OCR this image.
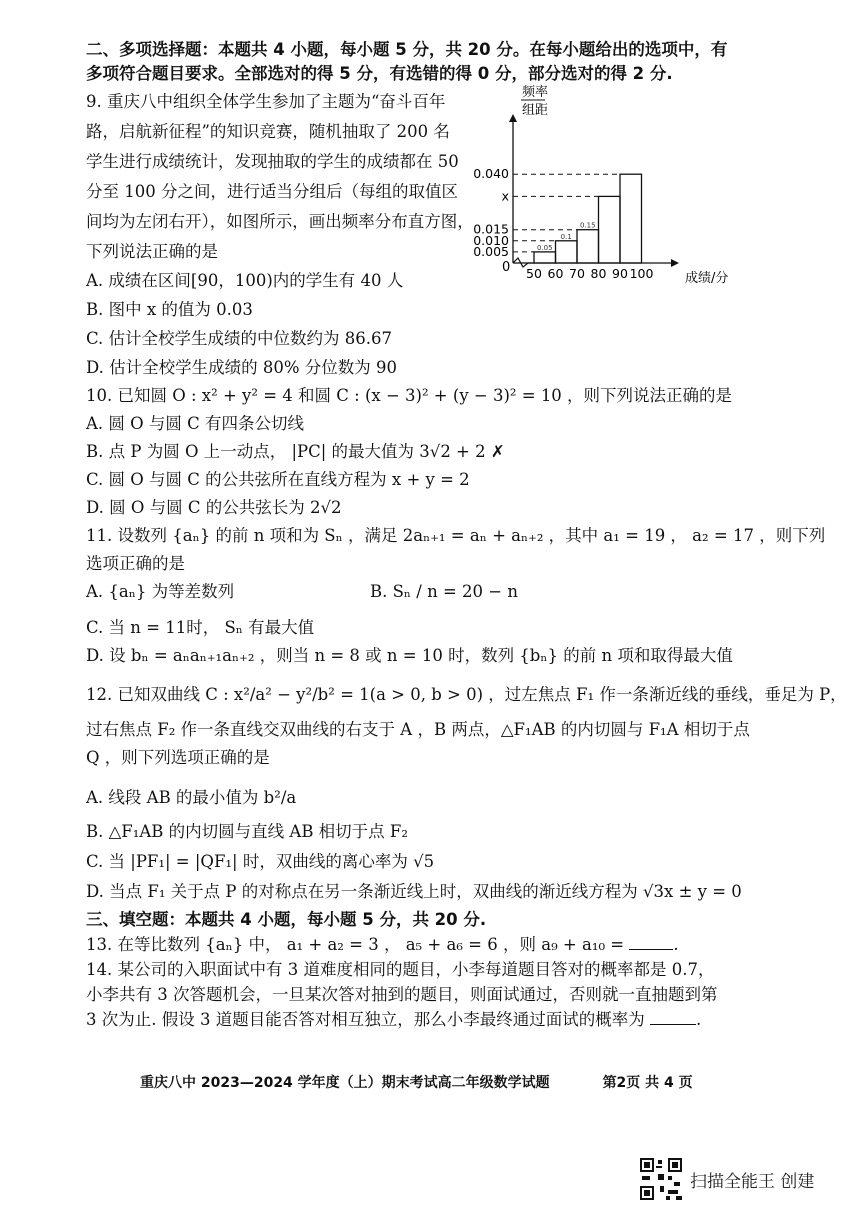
二、多项选择题：本题共 4 小题，每小题 5 分，共 20 分。在每小题给出的选项中，有
多项符合题目要求。全部选对的得 5 分，有选错的得 0 分，部分选对的得 2 分.
9. 重庆八中组织全体学生参加了主题为“奋斗百年
路，启航新征程”的知识竞赛，随机抽取了 200 名
学生进行成绩统计，发现抽取的学生的成绩都在 50
分至 100 分之间，进行适当分组后（每组的取值区
间均为左闭右开），如图所示，画出频率分布直方图，
下列说法正确的是
频率
组距
成绩/分
0
0.005
0.010
0.015
x
0.040
50 60 70 80 90 100
0.05
0.1
0.15
A. 成绩在区间[90，100)内的学生有 40 人
B. 图中 x 的值为 0.03
C. 估计全校学生成绩的中位数约为 86.67
D. 估计全校学生成绩的 80% 分位数为 90
10. 已知圆 O : x² + y² = 4 和圆 C : (x − 3)² + (y − 3)² = 10 ，则下列说法正确的是
A. 圆 O 与圆 C 有四条公切线
B. 点 P 为圆 O 上一动点， |PC| 的最大值为 3√2 + 2 ✗
C. 圆 O 与圆 C 的公共弦所在直线方程为 x + y = 2
D. 圆 O 与圆 C 的公共弦长为 2√2
11. 设数列 {aₙ} 的前 n 项和为 Sₙ ，满足 2aₙ₊₁ = aₙ + aₙ₊₂ ，其中 a₁ = 19 ， a₂ = 17 ，则下列
选项正确的是
A. {aₙ} 为等差数列	B. Sₙ / n = 20 − n
C. 当 n = 11时， Sₙ 有最大值
D. 设 bₙ = aₙaₙ₊₁aₙ₊₂ ，则当 n = 8 或 n = 10 时，数列 {bₙ} 的前 n 项和取得最大值
12. 已知双曲线 C : x²/a² − y²/b² = 1(a > 0, b > 0) ，过左焦点 F₁ 作一条渐近线的垂线，垂足为 P，
过右焦点 F₂ 作一条直线交双曲线的右支于 A ，B 两点，△F₁AB 的内切圆与 F₁A 相切于点
Q ，则下列选项正确的是
A. 线段 AB 的最小值为 b²/a
B. △F₁AB 的内切圆与直线 AB 相切于点 F₂
C. 当 |PF₁| = |QF₁| 时，双曲线的离心率为 √5
D. 当点 F₁ 关于点 P 的对称点在另一条渐近线上时，双曲线的渐近线方程为 √3x ± y = 0
三、填空题：本题共 4 小题，每小题 5 分，共 20 分.
13. 在等比数列 {aₙ} 中， a₁ + a₂ = 3 ， a₅ + a₆ = 6 ，则 a₉ + a₁₀ =	.
14. 某公司的入职面试中有 3 道难度相同的题目，小李每道题目答对的概率都是 0.7，
小李共有 3 次答题机会，一旦某次答对抽到的题目，则面试通过，否则就一直抽题到第
3 次为止. 假设 3 道题目能否答对相互独立，那么小李最终通过面试的概率为	.
重庆八中 2023—2024 学年度（上）期末考试高二年级数学试题	第2页 共 4 页
扫描全能王 创建
